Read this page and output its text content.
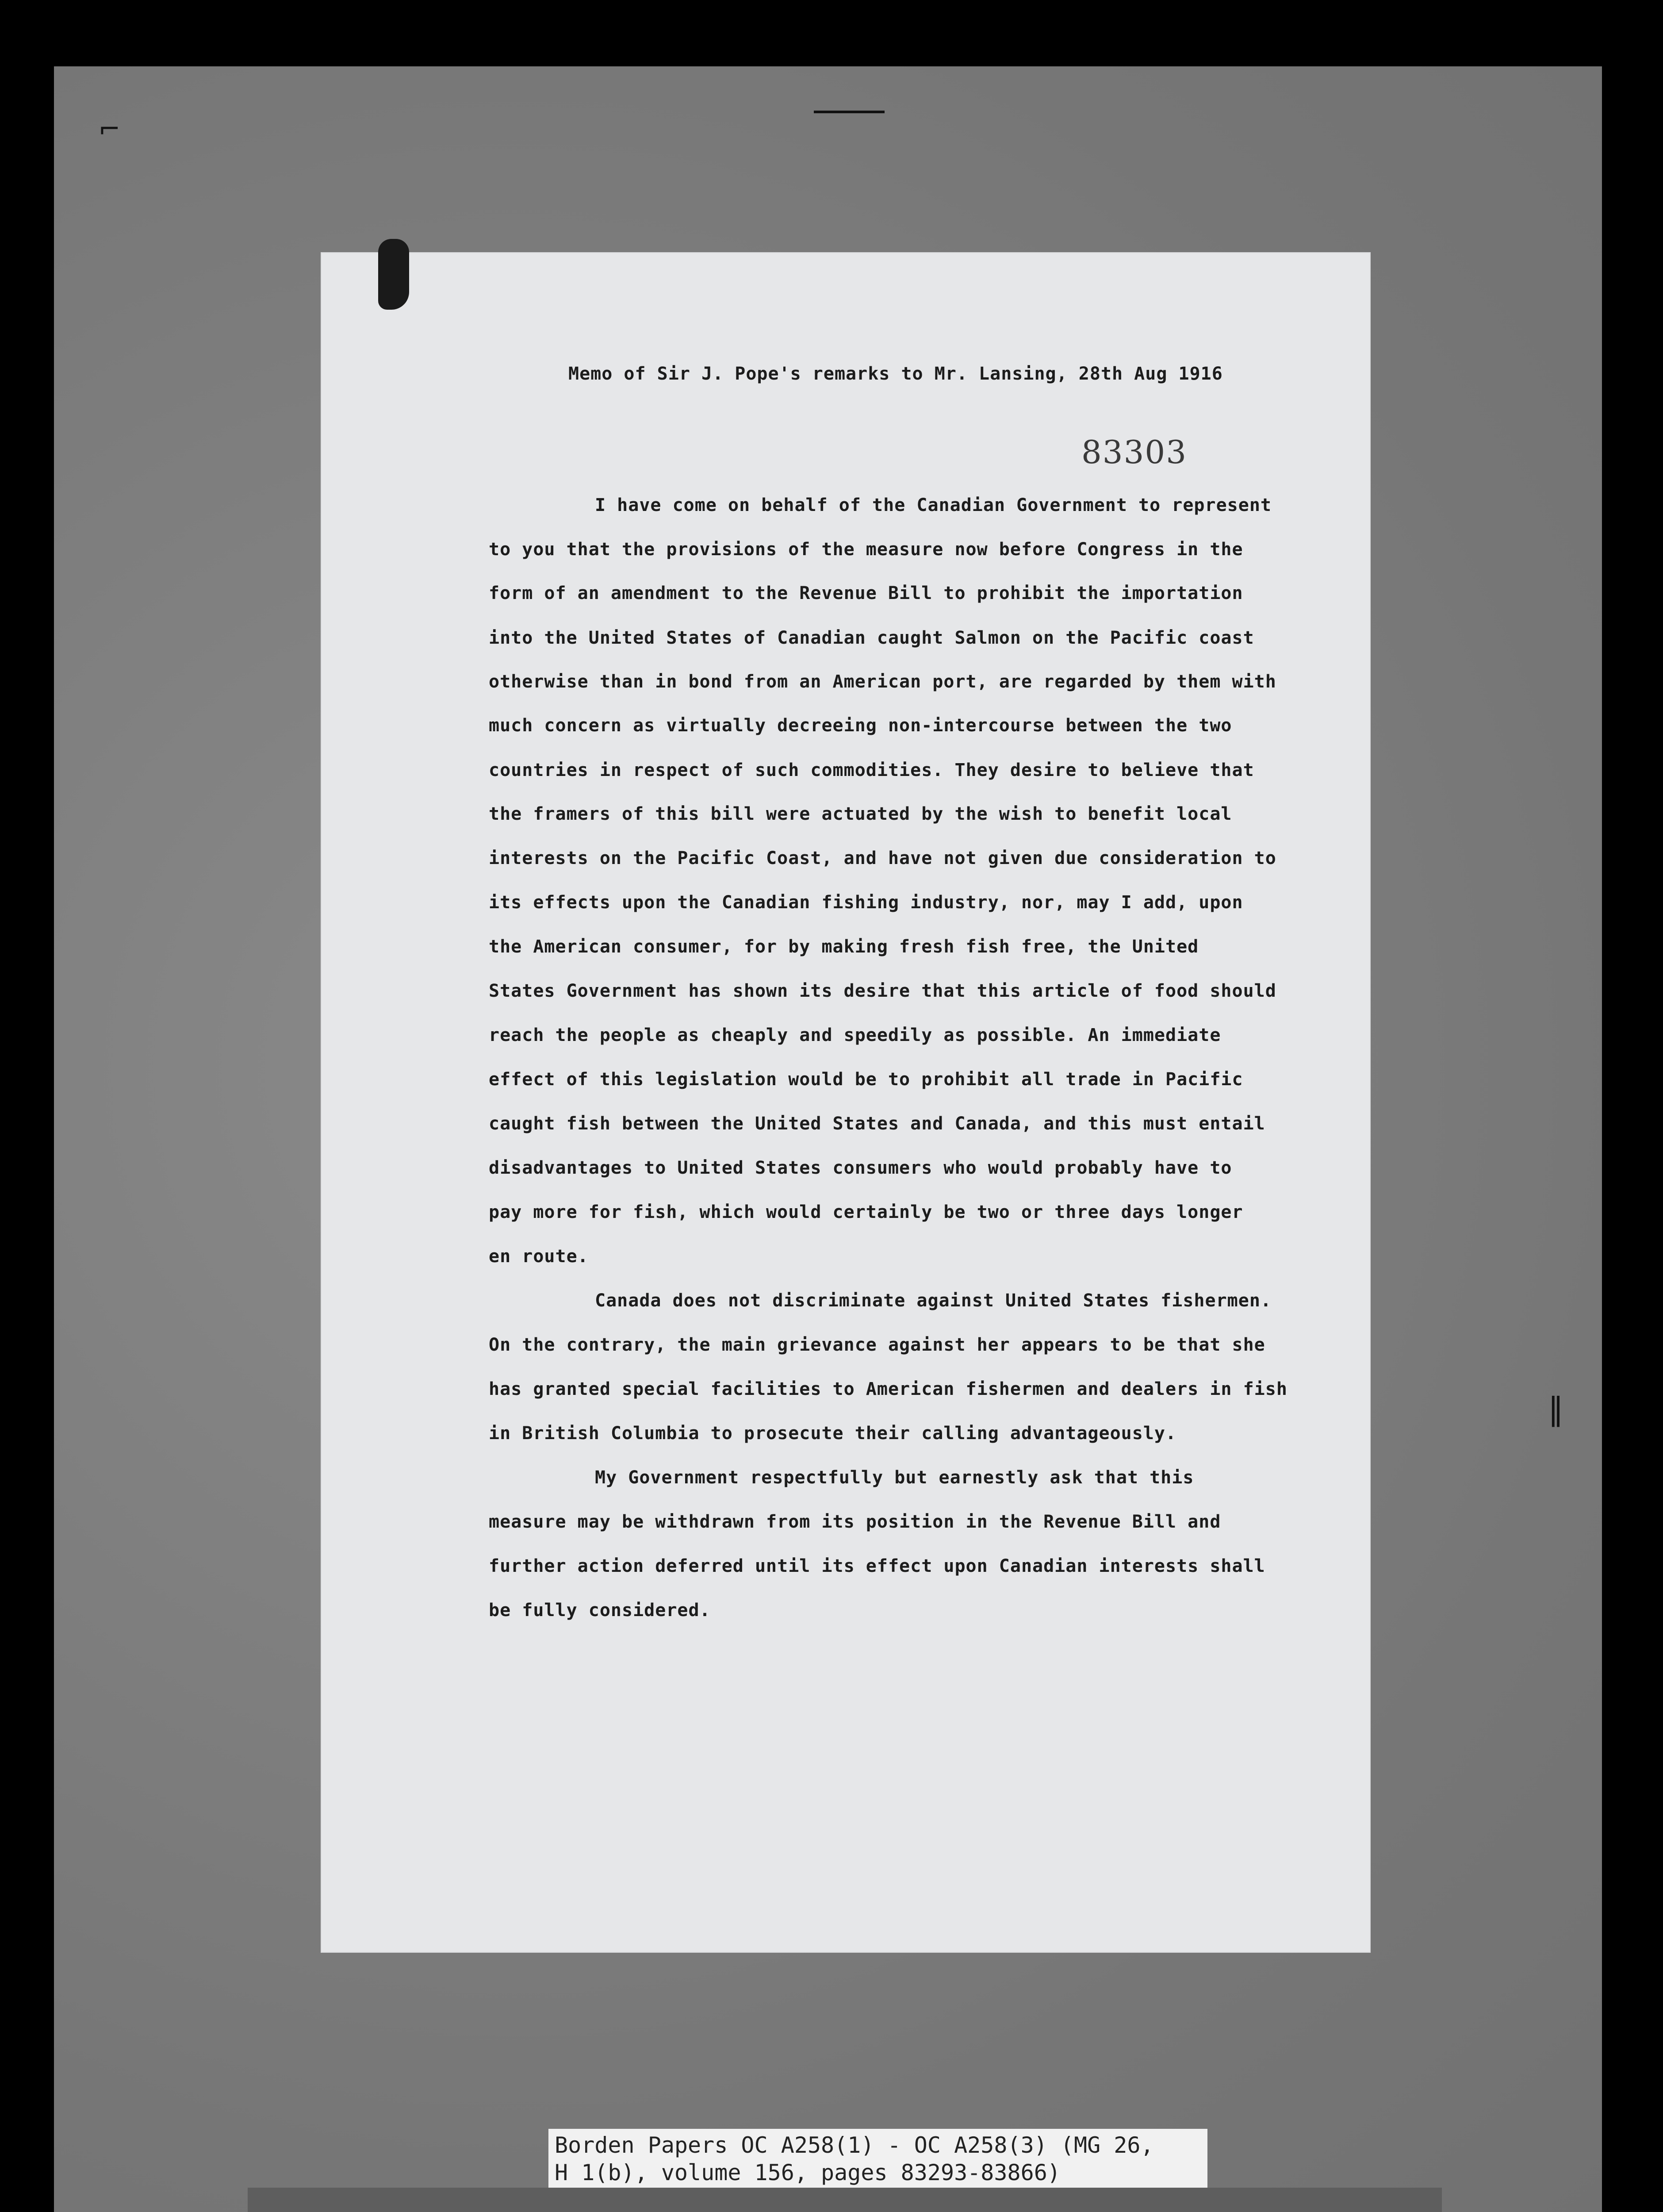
⌐
‖
Memo of Sir J. Pope's remarks to Mr. Lansing, 28th Aug 1916
83303
I have come on behalf of the Canadian Government to represent
to you that the provisions of the measure now before Congress in the
form of an amendment to the Revenue Bill to prohibit the importation
into the United States of Canadian caught Salmon on the Pacific coast
otherwise than in bond from an American port, are regarded by them with
much concern as virtually decreeing non-intercourse between the two
countries in respect of such commodities. They desire to believe that
the framers of this bill were actuated by the wish to benefit local
interests on the Pacific Coast, and have not given due consideration to
its effects upon the Canadian fishing industry, nor, may I add, upon
the American consumer, for by making fresh fish free, the United
States Government has shown its desire that this article of food should
reach the people as cheaply and speedily as possible. An immediate
effect of this legislation would be to prohibit all trade in Pacific
caught fish between the United States and Canada, and this must entail
disadvantages to United States consumers who would probably have to
pay more for fish, which would certainly be two or three days longer
en route.
Canada does not discriminate against United States fishermen.
On the contrary, the main grievance against her appears to be that she
has granted special facilities to American fishermen and dealers in fish
in British Columbia to prosecute their calling advantageously.
My Government respectfully but earnestly ask that this
measure may be withdrawn from its position in the Revenue Bill and
further action deferred until its effect upon Canadian interests shall
be fully considered.
Borden Papers OC A258(1) - OC A258(3) (MG 26,
H 1(b), volume 156, pages 83293-83866)
